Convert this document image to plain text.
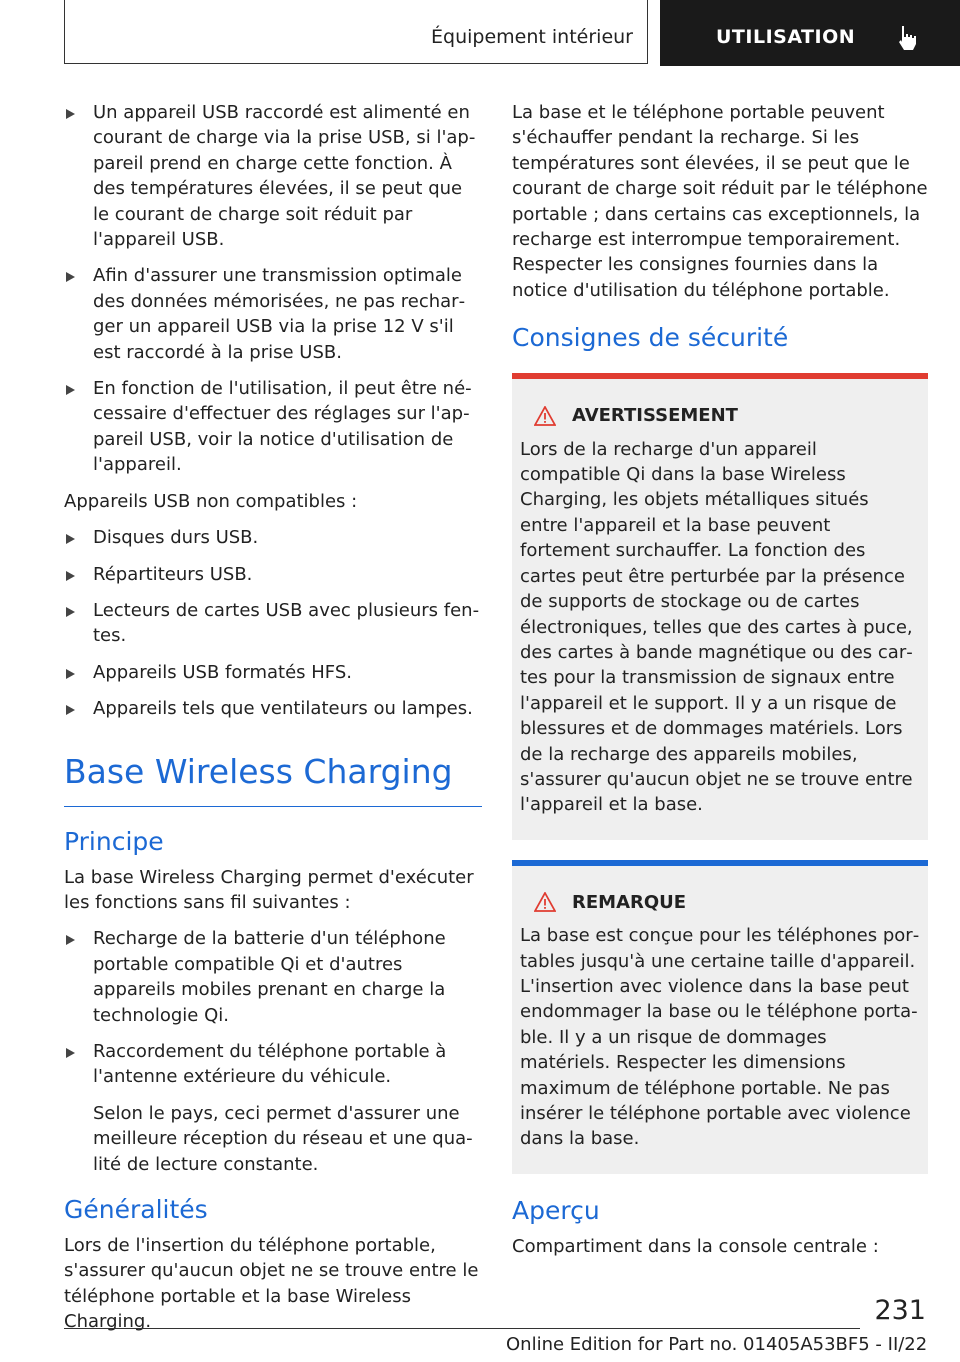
Équipement intérieur	UTILISATION

Un appareil USB raccordé est alimenté en courant de charge via la prise USB, si l'appareil prend en charge cette fonction. À des températures élevées, il se peut que le courant de charge soit réduit par l'appareil USB.

Afin d'assurer une transmission optimale des données mémorisées, ne pas recharger un appareil USB via la prise 12 V s'il est raccordé à la prise USB.

En fonction de l'utilisation, il peut être nécessaire d'effectuer des réglages sur l'appareil USB, voir la notice d'utilisation de l'appareil.

Appareils USB non compatibles :

Disques durs USB.

Répartiteurs USB.

Lecteurs de cartes USB avec plusieurs fentes.

Appareils USB formatés HFS.

Appareils tels que ventilateurs ou lampes.

Base Wireless Charging
Principe

La base Wireless Charging permet d'exécuter les fonctions sans fil suivantes :

Recharge de la batterie d'un téléphone portable compatible Qi et d'autres appareils mobiles prenant en charge la technologie Qi.

Raccordement du téléphone portable à l'antenne extérieure du véhicule.

Selon le pays, ceci permet d'assurer une meilleure réception du réseau et une qualité de lecture constante.

Généralités

Lors de l'insertion du téléphone portable, s'assurer qu'aucun objet ne se trouve entre le téléphone portable et la base Wireless Charging.

La base et le téléphone portable peuvent s'échauffer pendant la recharge. Si les températures sont élevées, il se peut que le courant de charge soit réduit par le téléphone portable ; dans certains cas exceptionnels, la recharge est interrompue temporairement. Respecter les consignes fournies dans la notice d'utilisation du téléphone portable.

Consignes de sécurité
AVERTISSEMENT

Lors de la recharge d'un appareil compatible Qi dans la base Wireless Charging, les objets métalliques situés entre l'appareil et la base peuvent fortement surchauffer. La fonction des cartes peut être perturbée par la présence de supports de stockage ou de cartes électroniques, telles que des cartes à puce, des cartes à bande magnétique ou des cartes pour la transmission de signaux entre l'appareil et le support. Il y a un risque de blessures et de dommages matériels. Lors de la recharge des appareils mobiles, s'assurer qu'aucun objet ne se trouve entre l'appareil et la base.

REMARQUE

La base est conçue pour les téléphones portables jusqu'à une certaine taille d'appareil. L'insertion avec violence dans la base peut endommager la base ou le téléphone portable. Il y a un risque de dommages matériels. Respecter les dimensions maximum de téléphone portable. Ne pas insérer le téléphone portable avec violence dans la base.

Aperçu

Compartiment dans la console centrale :

231
Online Edition for Part no. 01405A53BF5 - II/22
